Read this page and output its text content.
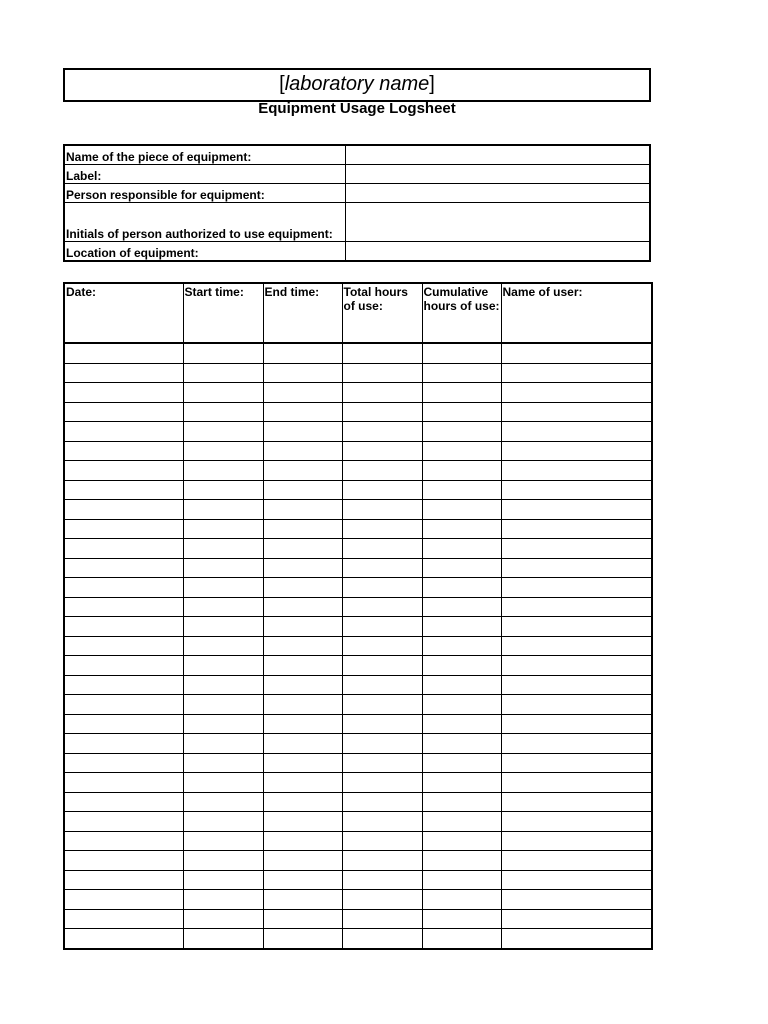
[laboratory name]
Equipment Usage Logsheet
Name of the piece of equipment:	
Label:	
Person responsible for equipment:	
Initials of person authorized to use equipment:	
Location of equipment:	
Date:	Start time:	End time:	Total hours of use:	Cumulative hours of use:	Name of user:
